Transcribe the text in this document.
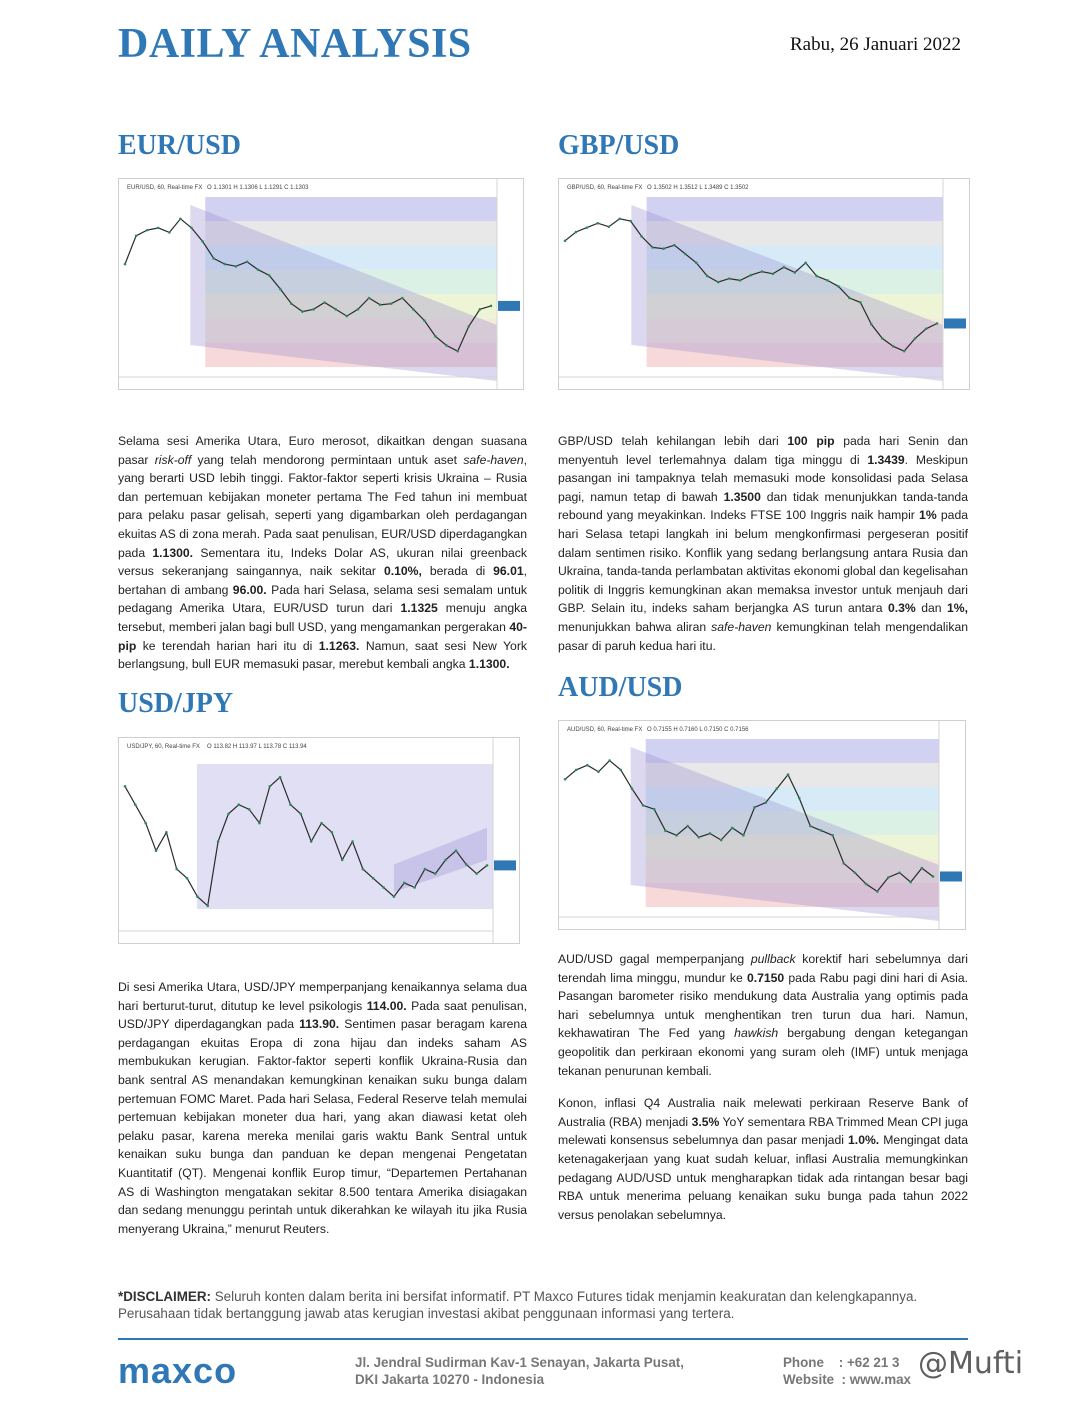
DAILY ANALYSIS	Rabu, 26 Januari 2022
EUR/USD
EUR/USD, 60, Real-time FX O 1.1301 H 1.1306 L 1.1291 C 1.1303

Selama sesi Amerika Utara, Euro merosot, dikaitkan dengan suasana pasar risk-off yang telah mendorong permintaan untuk aset safe-haven, yang berarti USD lebih tinggi. Faktor-faktor seperti krisis Ukraina – Rusia dan pertemuan kebijakan moneter pertama The Fed tahun ini membuat para pelaku pasar gelisah, seperti yang digambarkan oleh perdagangan ekuitas AS di zona merah. Pada saat penulisan, EUR/USD diperdagangkan pada 1.1300. Sementara itu, Indeks Dolar AS, ukuran nilai greenback versus sekeranjang saingannya, naik sekitar 0.10%, berada di 96.01, bertahan di ambang 96.00. Pada hari Selasa, selama sesi semalam untuk pedagang Amerika Utara, EUR/USD turun dari 1.1325 menuju angka tersebut, memberi jalan bagi bull USD, yang mengamankan pergerakan 40-pip ke terendah harian hari itu di 1.1263. Namun, saat sesi New York berlangsung, bull EUR memasuki pasar, merebut kembali angka 1.1300.

GBP/USD
GBP/USD, 60, Real-time FX O 1.3502 H 1.3512 L 1.3489 C 1.3502

GBP/USD telah kehilangan lebih dari 100 pip pada hari Senin dan menyentuh level terlemahnya dalam tiga minggu di 1.3439. Meskipun pasangan ini tampaknya telah memasuki mode konsolidasi pada Selasa pagi, namun tetap di bawah 1.3500 dan tidak menunjukkan tanda-tanda rebound yang meyakinkan. Indeks FTSE 100 Inggris naik hampir 1% pada hari Selasa tetapi langkah ini belum mengkonfirmasi pergeseran positif dalam sentimen risiko. Konflik yang sedang berlangsung antara Rusia dan Ukraina, tanda-tanda perlambatan aktivitas ekonomi global dan kegelisahan politik di Inggris kemungkinan akan memaksa investor untuk menjauh dari GBP. Selain itu, indeks saham berjangka AS turun antara 0.3% dan 1%, menunjukkan bahwa aliran safe-haven kemungkinan telah mengendalikan pasar di paruh kedua hari itu.

USD/JPY
USD/JPY, 60, Real-time FX O 113.82 H 113.97 L 113.78 C 113.94

Di sesi Amerika Utara, USD/JPY memperpanjang kenaikannya selama dua hari berturut-turut, ditutup ke level psikologis 114.00. Pada saat penulisan, USD/JPY diperdagangkan pada 113.90. Sentimen pasar beragam karena perdagangan ekuitas Eropa di zona hijau dan indeks saham AS membukukan kerugian. Faktor-faktor seperti konflik Ukraina-Rusia dan bank sentral AS menandakan kemungkinan kenaikan suku bunga dalam pertemuan FOMC Maret. Pada hari Selasa, Federal Reserve telah memulai pertemuan kebijakan moneter dua hari, yang akan diawasi ketat oleh pelaku pasar, karena mereka menilai garis waktu Bank Sentral untuk kenaikan suku bunga dan panduan ke depan mengenai Pengetatan Kuantitatif (QT). Mengenai konflik Europ timur, “Departemen Pertahanan AS di Washington mengatakan sekitar 8.500 tentara Amerika disiagakan dan sedang menunggu perintah untuk dikerahkan ke wilayah itu jika Rusia menyerang Ukraina,” menurut Reuters.

AUD/USD
AUD/USD, 60, Real-time FX O 0.7155 H 0.7160 L 0.7150 C 0.7156

AUD/USD gagal memperpanjang pullback korektif hari sebelumnya dari terendah lima minggu, mundur ke 0.7150 pada Rabu pagi dini hari di Asia. Pasangan barometer risiko mendukung data Australia yang optimis pada hari sebelumnya untuk menghentikan tren turun dua hari. Namun, kekhawatiran The Fed yang hawkish bergabung dengan ketegangan geopolitik dan perkiraan ekonomi yang suram oleh (IMF) untuk menjaga tekanan penurunan kembali.

Konon, inflasi Q4 Australia naik melewati perkiraan Reserve Bank of Australia (RBA) menjadi 3.5% YoY sementara RBA Trimmed Mean CPI juga melewati konsensus sebelumnya dan pasar menjadi 1.0%. Mengingat data ketenagakerjaan yang kuat sudah keluar, inflasi Australia memungkinkan pedagang AUD/USD untuk mengharapkan tidak ada rintangan besar bagi RBA untuk menerima peluang kenaikan suku bunga pada tahun 2022 versus penolakan sebelumnya.

*DISCLAIMER: Seluruh konten dalam berita ini bersifat informatif. PT Maxco Futures tidak menjamin keakuratan dan kelengkapannya. Perusahaan tidak bertanggung jawab atas kerugian investasi akibat penggunaan informasi yang tertera.
maxco	Jl. Jendral Sudirman Kav-1 Senayan, Jakarta Pusat,
DKI Jakarta 10270 - Indonesia
Phone    : +62 21 3
Website  : www.max @Mufti
